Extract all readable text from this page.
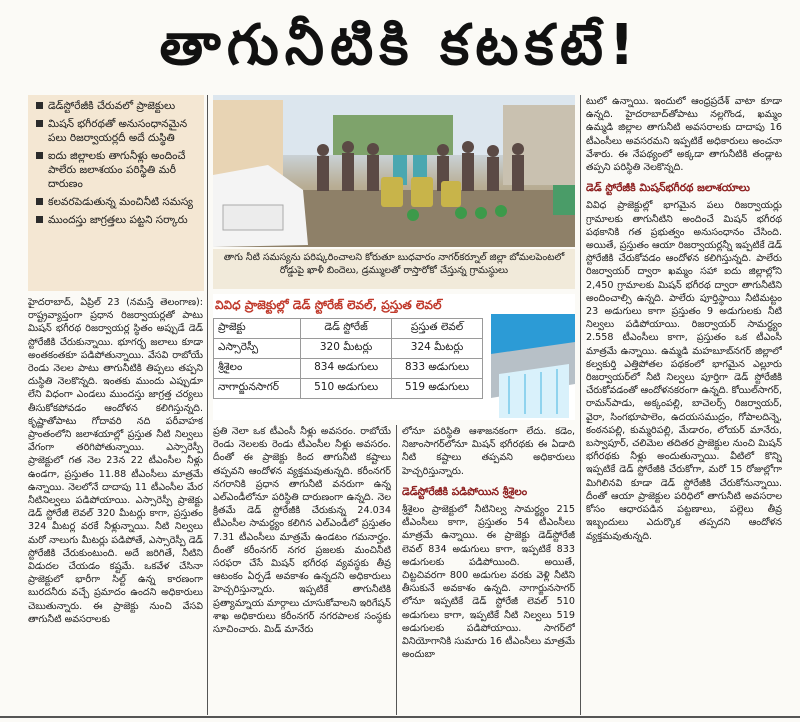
తాగునీటికి కటకటే!
డెడ్‌స్టోరేజీకి చేరువలో ప్రాజెక్టులు
మిషన్ భగీరథతో అనుసంధానమైన పలు రిజర్వాయర్లదీ అదే దుస్థితి
ఐదు జిల్లాలకు తాగునీళ్లు అందించే పాలేరు జలాశయం పరిస్థితి మరీ దారుణం
కలవరపెడుతున్న మంచినీటి సమస్య
ముందస్తు జాగ్రత్తలు పట్టని సర్కారు
తాగు నీటి సమస్యను పరిష్కరించాలని కోరుతూ బుధవారం నాగర్‌కర్నూల్ జిల్లా బోమలపెంటలో రోడ్డుపై ఖాళీ బిందెలు, డ్రమ్ములతో రాస్తారోకో చేస్తున్న గ్రామస్థులు
వివిధ ప్రాజెక్టుల్లో డెడ్ స్టోరేజ్ లెవల్, ప్రస్తుత లెవల్
ప్రాజెక్టు	డెడ్ స్టోరేజ్	ప్రస్తుత లెవల్
ఎస్సారెస్పీ	320 మీటర్లు	324 మీటర్లు
శ్రీశైలం	834 అడుగులు	833 అడుగులు
నాగార్జునసాగర్	510 అడుగులు	519 అడుగులు

హైదరాబాద్, ఏప్రిల్ 23 (నమస్తే తెలంగాణ): రాష్ట్రవ్యాప్తంగా ప్రధాన రిజర్వాయర్లతో పాటు మిషన్ భగీరథ రిజర్వాయర్ల స్థితం అప్పుడే డెడ్ స్టోరేజీకి చేరుకున్నాయి. భూగర్భ జలాలు కూడా అంతకంతకూ పడిపోతున్నాయి. వేసవి రాబోయే రెండు నెలల పాటు తాగునీటికి తిప్పలు తప్పని దుస్థితి నెలకొన్నది. ఇంతకు ముందు ఎప్పుడూ లేని విధంగా ఎండలు ముందస్తు జాగ్రత్త చర్యలు తీసుకోకపోవడం ఆందోళన కలిగిస్తున్నది. కృష్ణాతోపాటు గోదావరి నది పరీవాహక ప్రాంతంలోని జలాశయాల్లో ప్రస్తుత నీటి నిల్వలు వేగంగా తరిగిపోతున్నాయి. ఎస్సారెస్పీ ప్రాజెక్టులో గత నెల 23న 22 టీఎంసీల నీళ్లు ఉండగా, ప్రస్తుతం 11.88 టీఎంసీలు మాత్రమే ఉన్నాయి. నెలలోనే దాదాపు 11 టీఎంసీల మేర నీటినిల్వలు పడిపోయాయి. ఎస్సారెస్పీ ప్రాజెక్టు డెడ్ స్టోరేజీ లెవల్ 320 మీటర్లు కాగా, ప్రస్తుతం 324 మీటర్ల వరకే నీళ్లున్నాయి. నీటి నిల్వలు మరో నాలుగు మీటర్లు పడిపోతే, ఎస్సారెస్పీ డెడ్ స్టోరేజీకి చేరుకుంటుంది. అదే జరిగితే, నీటిని విడుదల చేయడం కష్టమే. ఒకవేళ చేసినా ప్రాజెక్టులో భారీగా సిల్ట్ ఉన్న కారణంగా బురదనీరు వచ్చే ప్రమాదం ఉందని అధికారులు చెబుతున్నారు. ఈ ప్రాజెక్టు నుంచి వేసవి తాగునీటి అవసరాలకు

ప్రతి నెలా ఒక టీఎంసీ నీళ్లు అవసరం. రాబోయే రెండు నెలలకు రెండు టీఎంసీల నీళ్లు అవసరం. దీంతో ఈ ప్రాజెక్టు కింద తాగునీటి కష్టాలు తప్పవని ఆందోళన వ్యక్తమవుతున్నది. కరీంనగర్ నగరానికి ప్రధాన తాగునీటి వనరుగా ఉన్న ఎల్‌ఎండీలోనూ పరిస్థితి దారుణంగా ఉన్నది. నెల క్రితమే డెడ్ స్టోరేజీకి చేరుకున్న 24.034 టీఎంసీల సామర్థ్యం కలిగిన ఎల్‌ఎండీలో ప్రస్తుతం 7.31 టీఎంసీలు మాత్రమే ఉండటం గమనార్హం. దీంతో కరీంనగర్ నగర ప్రజలకు మంచినీటి సరఫరా చేసే మిషన్ భగీరథ వ్యవస్థకు తీవ్ర ఆటంకం ఏర్పడే అవకాశం ఉన్నదని అధికారులు హెచ్చరిస్తున్నారు. ఇప్పటికే తాగునీటికి ప్రత్యామ్నాయ మార్గాలు చూసుకోవాలని ఇరిగేషన్ శాఖ అధికారులు కరీంనగర్ నగరపాలక సంస్థకు సూచించారు. మిడ్ మానేరు

లోనూ పరిస్థితి ఆశాజనకంగా లేదు. కడెం, నిజాంసాగర్‌లోనూ మిషన్ భగీరథకు ఈ ఏడాది నీటి కష్టాలు తప్పవని అధికారులు హెచ్చరిస్తున్నారు.

డెడ్‌స్టోరేజీకి పడిపోయిన శ్రీశైలం

శ్రీశైలం ప్రాజెక్టులో నీటినిల్వ సామర్థ్యం 215 టీఎంసీలు కాగా, ప్రస్తుతం 54 టీఎంసీలు మాత్రమే ఉన్నాయి. ఈ ప్రాజెక్టు డెడ్‌స్టోరేజీ లెవల్ 834 అడుగులు కాగా, ఇప్పటికే 833 అడుగులకు పడిపోయింది. అయితే, చిట్టచివరగా 800 అడుగుల వరకు వెళ్లి నీటిని తీసుకునే అవకాశం ఉన్నది. నాగార్జునసాగర్ లోనూ ఇప్పటికే డెడ్ స్టోరేజీ లెవల్ 510 అడుగులు కాగా, ఇప్పటికే నీటి నిల్వలు 519 అడుగులకు పడిపోయాయి. సాగర్‌లో వినియోగానికి సుమారు 16 టీఎంసీలు మాత్రమే అందుబా

టులో ఉన్నాయి. ఇందులో ఆంధ్రప్రదేశ్ వాటా కూడా ఉన్నది. హైదరాబాద్‌తోపాటు నల్లగొండ, ఖమ్మం ఉమ్మడి జిల్లాల తాగునీటి అవసరాలకు దాదాపు 16 టీఎంసీలు అవసరమని ఇప్పటికే అధికారులు అంచనా వేశారు. ఈ నేపథ్యంలో అక్కడా తాగునీటికి తండ్లాట తప్పని పరిస్థితి నెలకొన్నది.

డెడ్ స్టోరేజీకి మిషన్‌భగీరథ జలాశయాలు

వివిధ ప్రాజెక్టుల్లో భాగమైన పలు రిజర్వాయర్లు గ్రామాలకు తాగునీటిని అందించే మిషన్ భగీరథ పథకానికి గత ప్రభుత్వం అనుసంధానం చేసింది. అయితే, ప్రస్తుతం ఆయా రిజర్వాయర్లన్నీ ఇప్పటికే డెడ్ స్టోరేజీకి చేరుకోవడం ఆందోళన కలిగిస్తున్నది. పాలేరు రిజర్వాయర్ ద్వారా ఖమ్మం సహా ఐదు జిల్లాల్లోని 2,450 గ్రామాలకు మిషన్ భగీరథ ద్వారా తాగునీటిని అందించాల్సి ఉన్నది. పాలేరు పూర్తిస్థాయి నీటిమట్టం 23 అడుగులు కాగా ప్రస్తుతం 9 అడుగులకు నీటి నిల్వలు పడిపోయాయి. రిజర్వాయర్ సామర్థ్యం 2.558 టీఎంసీలు కాగా, ప్రస్తుతం ఒక టీఎంసీ మాత్రమే ఉన్నాయి. ఉమ్మడి మహబూబ్‌నగర్ జిల్లాలో కల్వకుర్తి ఎత్తిపోతల పథకంలో భాగమైన ఎల్లూరు రిజర్వాయర్‌లో నీటి నిల్వలు పూర్తిగా డెడ్ స్టోరేజీకి చేరుకోవడంతో ఆందోళనకరంగా ఉన్నది. కోయిల్‌సాగర్, రామన్‌పాడు, అక్కంపల్లి, బాచెలర్స్ రిజర్వాయర్, వైరా, సింగభూపాలెం, ఉదయసముద్రం, గోపాలదిన్నె, కంఠనపల్లి, కుమ్మరిపల్లి, మేడారం, లోయర్ మానేరు, బస్వాపూర్, చలిమెల తదితర ప్రాజెక్టుల నుంచి మిషన్ భగీరథకు నీళ్లు అందుతున్నాయి. వీటిలో కొన్ని ఇప్పటికే డెడ్ స్టోరేజీకి చేరుకోగా, మరో 15 రోజుల్లోగా మిగిలినవి కూడా డెడ్ స్టోరేజీకి చేరుకోనున్నాయి. దీంతో ఆయా ప్రాజెక్టుల పరిధిలో తాగునీటి అవసరాల కోసం ఆధారపడిన పట్టణాలు, పల్లెలు తీవ్ర ఇబ్బందులు ఎదుర్కొక తప్పదని ఆందోళన వ్యక్తమవుతున్నది.
